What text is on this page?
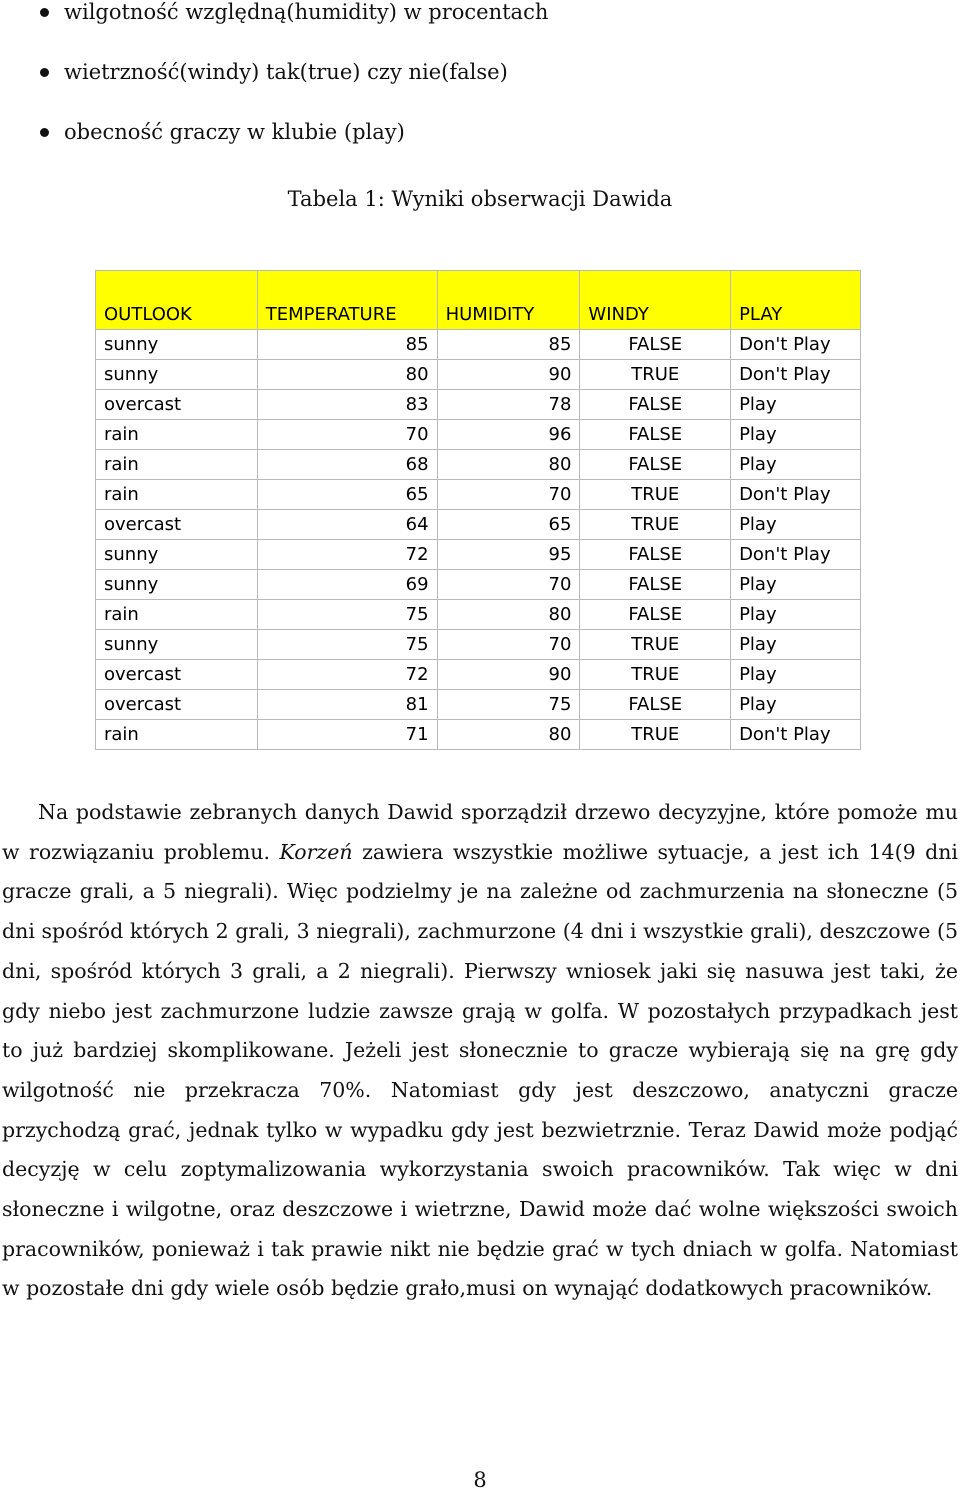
wilgotność względną(humidity) w procentach
wietrzność(windy) tak(true) czy nie(false)
obecność graczy w klubie (play)
Tabela 1: Wyniki obserwacji Dawida
OUTLOOK	TEMPERATURE	HUMIDITY	WINDY	PLAY
sunny	85	85	FALSE	Don't Play
sunny	80	90	TRUE	Don't Play
overcast	83	78	FALSE	Play
rain	70	96	FALSE	Play
rain	68	80	FALSE	Play
rain	65	70	TRUE	Don't Play
overcast	64	65	TRUE	Play
sunny	72	95	FALSE	Don't Play
sunny	69	70	FALSE	Play
rain	75	80	FALSE	Play
sunny	75	70	TRUE	Play
overcast	72	90	TRUE	Play
overcast	81	75	FALSE	Play
rain	71	80	TRUE	Don't Play

Na podstawie zebranych danych Dawid sporządził drzewo decyzyjne, które pomoże mu w rozwiązaniu problemu. Korzeń zawiera wszystkie możliwe sytuacje, a jest ich 14(9 dni gracze grali, a 5 niegrali). Więc podzielmy je na zależne od zachmurzenia na słoneczne (5 dni spośród których 2 grali, 3 niegrali), zachmurzone (4 dni i wszystkie grali), deszczowe (5 dni, spośród których 3 grali, a 2 niegrali). Pierwszy wniosek jaki się nasuwa jest taki, że gdy niebo jest zachmurzone ludzie zawsze grają w golfa. W pozostałych przypadkach jest to już bardziej skomplikowane. Jeżeli jest słonecznie to gracze wybierają się na grę gdy wilgotność nie przekracza 70%. Natomiast gdy jest deszczowo, anatyczni gracze przychodzą grać, jednak tylko w wypadku gdy jest bezwietrznie. Teraz Dawid może podjąć decyzję w celu zoptymalizowania wykorzystania swoich pracowników. Tak więc w dni słoneczne i wilgotne, oraz deszczowe i wietrzne, Dawid może dać wolne większości swoich pracowników, ponieważ i tak prawie nikt nie będzie grać w tych dniach w golfa. Natomiast w pozostałe dni gdy wiele osób będzie grało,musi on wynająć dodatkowych pracowników.

8
